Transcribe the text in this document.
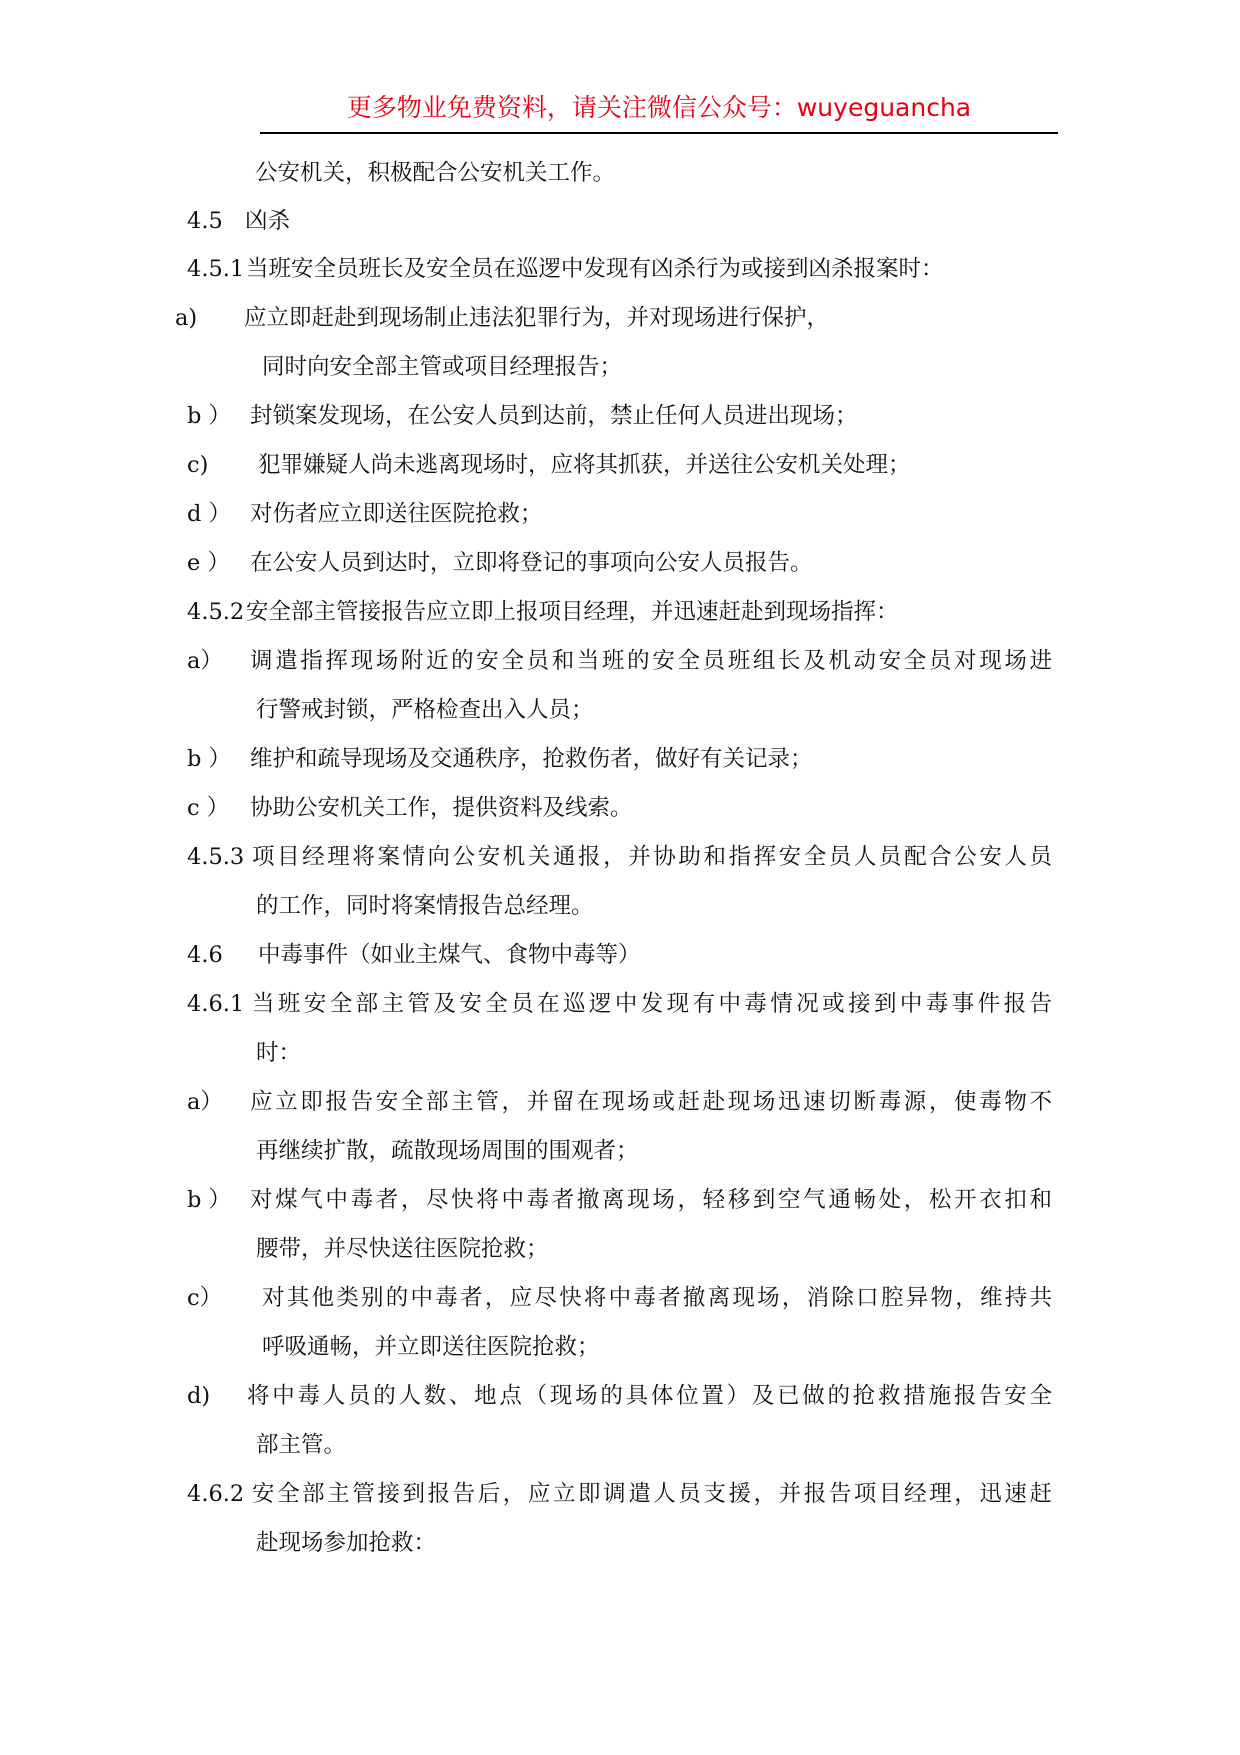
更多物业免费资料，请关注微信公众号：wuyeguancha
公安机关，积极配合公安机关工作。
4.5 凶杀
4.5.1 当班安全员班长及安全员在巡逻中发现有凶杀行为或接到凶杀报案时：
a) 应立即赶赴到现场制止违法犯罪行为，并对现场进行保护，
同时向安全部主管或项目经理报告；
b ） 封锁案发现场，在公安人员到达前，禁止任何人员进出现场；
c) 犯罪嫌疑人尚未逃离现场时，应将其抓获，并送往公安机关处理；
d ） 对伤者应立即送往医院抢救；
e ） 在公安人员到达时，立即将登记的事项向公安人员报告。
4.5.2 安全部主管接报告应立即上报项目经理，并迅速赶赴到现场指挥：
a） 调遣指挥现场附近的安全员和当班的安全员班组长及机动安全员对现场进
行警戒封锁，严格检查出入人员；
b ） 维护和疏导现场及交通秩序，抢救伤者，做好有关记录；
c ） 协助公安机关工作，提供资料及线索。
4.5.3 项目经理将案情向公安机关通报，并协助和指挥安全员人员配合公安人员
的工作，同时将案情报告总经理。
4.6 中毒事件（如业主煤气、食物中毒等）
4.6.1 当班安全部主管及安全员在巡逻中发现有中毒情况或接到中毒事件报告
时：
a） 应立即报告安全部主管，并留在现场或赶赴现场迅速切断毒源，使毒物不
再继续扩散，疏散现场周围的围观者；
b ） 对煤气中毒者，尽快将中毒者撤离现场，轻移到空气通畅处，松开衣扣和
腰带，并尽快送往医院抢救；
c） 对其他类别的中毒者，应尽快将中毒者撤离现场，消除口腔异物，维持共
呼吸通畅，并立即送往医院抢救；
d) 将中毒人员的人数、地点（现场的具体位置）及已做的抢救措施报告安全
部主管。
4.6.2 安全部主管接到报告后，应立即调遣人员支援，并报告项目经理，迅速赶
赴现场参加抢救：
